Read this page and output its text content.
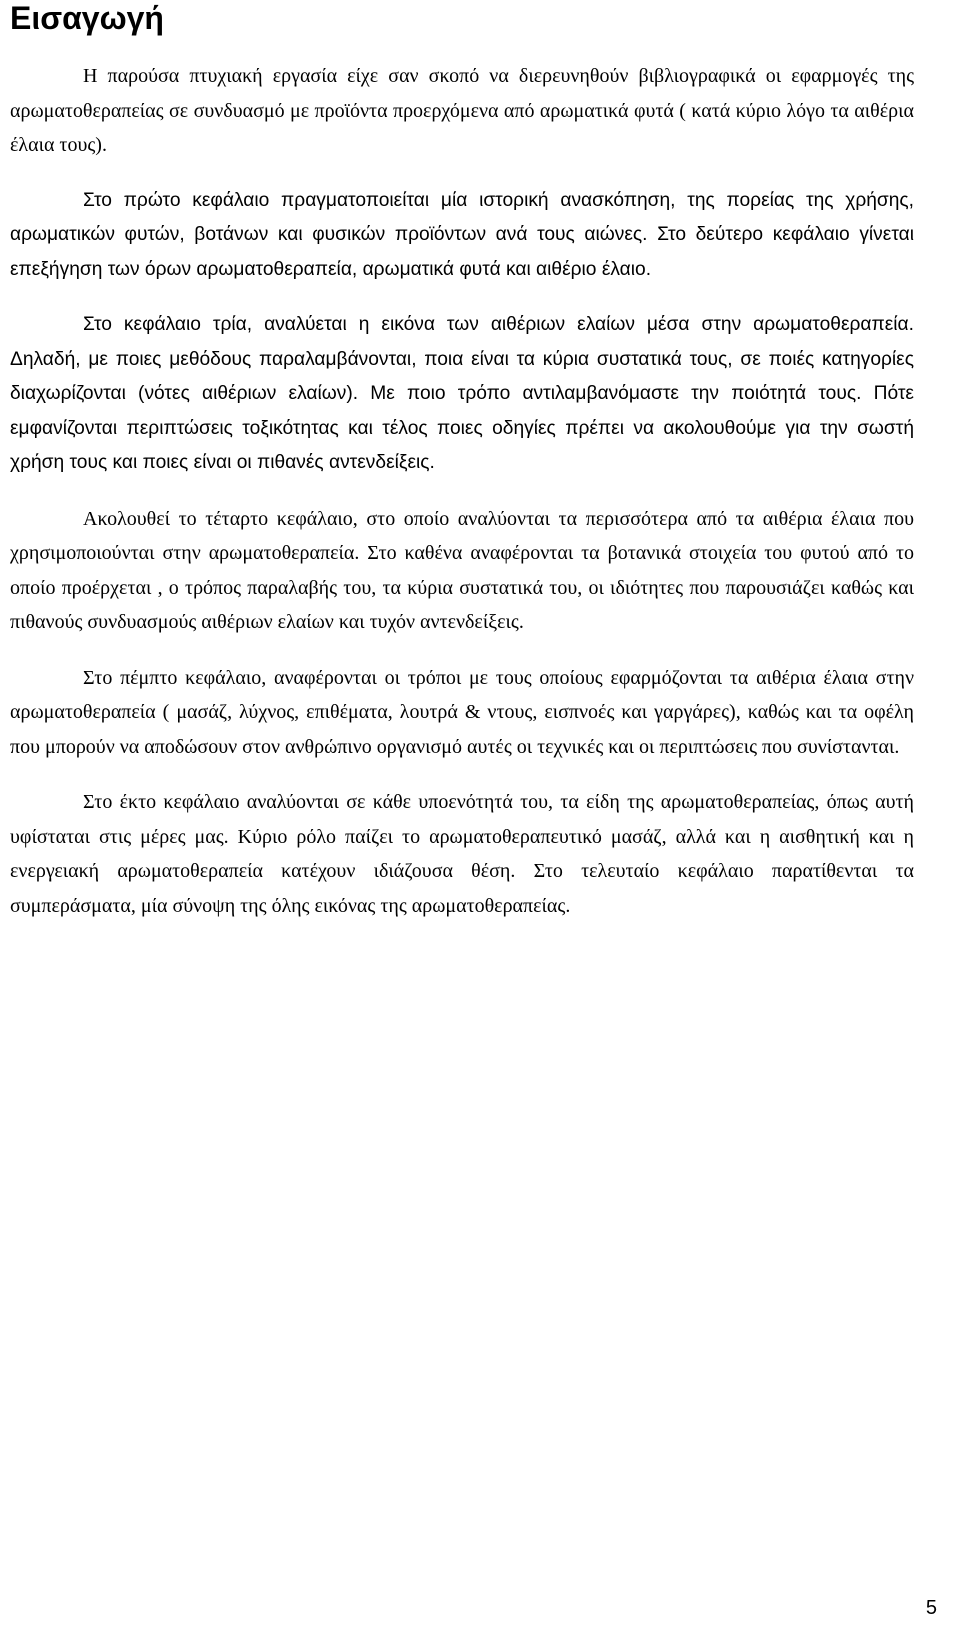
Εισαγωγή

Η παρούσα πτυχιακή εργασία είχε σαν σκοπό να διερευνηθούν βιβλιογραφικά οι εφαρμογές της αρωματοθεραπείας σε συνδυασμό με προϊόντα προερχόμενα από αρωματικά φυτά ( κατά κύριο λόγο τα αιθέρια έλαια τους).

Στο πρώτο κεφάλαιο πραγματοποιείται μία ιστορική ανασκόπηση, της πορείας της χρήσης, αρωματικών φυτών, βοτάνων και φυσικών προϊόντων ανά τους αιώνες. Στο δεύτερο κεφάλαιο γίνεται επεξήγηση των όρων αρωματοθεραπεία, αρωματικά φυτά και αιθέριο έλαιο.

Στο κεφάλαιο τρία, αναλύεται η εικόνα των αιθέριων ελαίων μέσα στην αρωματοθεραπεία. Δηλαδή, με ποιες μεθόδους παραλαμβάνονται, ποια είναι τα κύρια συστατικά τους, σε ποιές κατηγορίες διαχωρίζονται (νότες αιθέριων ελαίων). Με ποιο τρόπο αντιλαμβανόμαστε την ποιότητά τους. Πότε εμφανίζονται περιπτώσεις τοξικότητας και τέλος ποιες οδηγίες πρέπει να ακολουθούμε για την σωστή χρήση τους και ποιες είναι οι πιθανές αντενδείξεις.

Ακολουθεί το τέταρτο κεφάλαιο, στο οποίο αναλύονται τα περισσότερα από τα αιθέρια έλαια που χρησιμοποιούνται στην αρωματοθεραπεία. Στο καθένα αναφέρονται τα βοτανικά στοιχεία του φυτού από το οποίο προέρχεται , ο τρόπος παραλαβής του, τα κύρια συστατικά του, οι ιδιότητες που παρουσιάζει καθώς και πιθανούς συνδυασμούς αιθέριων ελαίων και τυχόν αντενδείξεις.

Στο πέμπτο κεφάλαιο, αναφέρονται οι τρόποι με τους οποίους εφαρμόζονται τα αιθέρια έλαια στην αρωματοθεραπεία ( μασάζ, λύχνος, επιθέματα, λουτρά & ντους, εισπνοές και γαργάρες), καθώς και τα οφέλη που μπορούν να αποδώσουν στον ανθρώπινο οργανισμό αυτές οι τεχνικές και οι περιπτώσεις που συνίστανται.

Στο έκτο κεφάλαιο αναλύονται σε κάθε υποενότητά του, τα είδη της αρωματοθεραπείας, όπως αυτή υφίσταται στις μέρες μας. Κύριο ρόλο παίζει το αρωματοθεραπευτικό μασάζ, αλλά και η αισθητική και η ενεργειακή αρωματοθεραπεία κατέχουν ιδιάζουσα θέση. Στο τελευταίο κεφάλαιο παρατίθενται τα συμπεράσματα, μία σύνοψη της όλης εικόνας της αρωματοθεραπείας.

5
